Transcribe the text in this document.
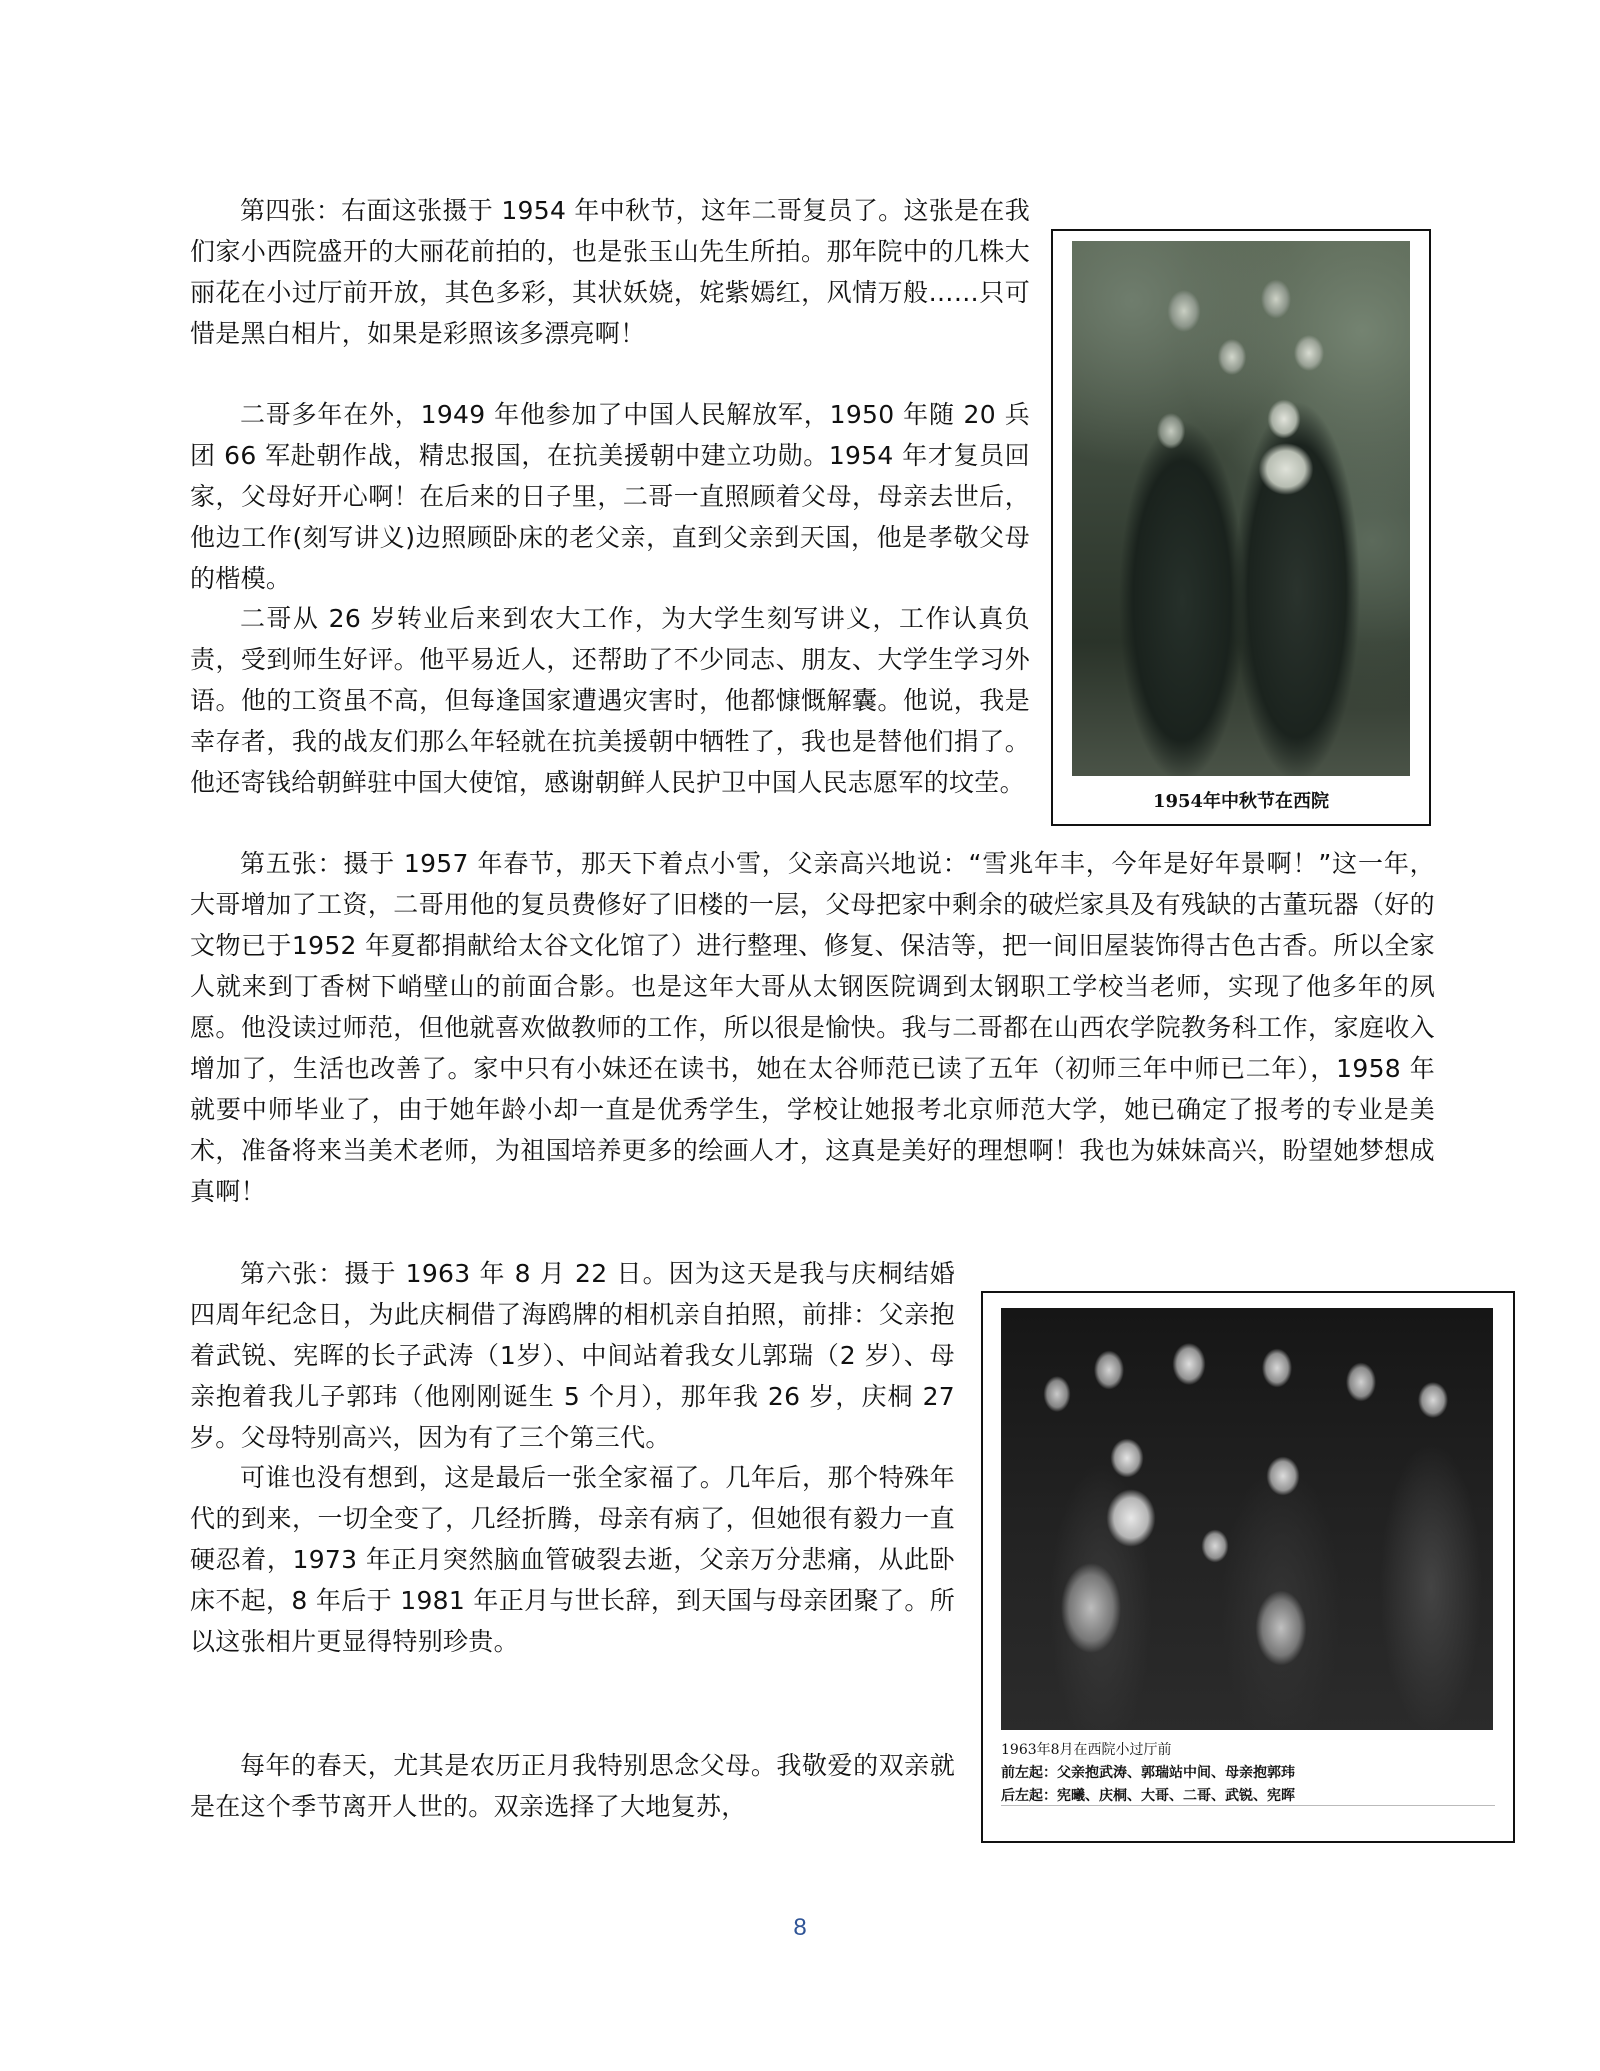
第四张：右面这张摄于 1954 年中秋节，这年二哥复员了。这张是在我们家小西院盛开的大丽花前拍的，也是张玉山先生所拍。那年院中的几株大丽花在小过厅前开放，其色多彩，其状妖娆，姹紫嫣红，风情万般……只可惜是黑白相片，如果是彩照该多漂亮啊！

二哥多年在外，1949 年他参加了中国人民解放军，1950 年随 20 兵团 66 军赴朝作战，精忠报国，在抗美援朝中建立功勋。1954 年才复员回家，父母好开心啊！在后来的日子里，二哥一直照顾着父母，母亲去世后，他边工作(刻写讲义)边照顾卧床的老父亲，直到父亲到天国，他是孝敬父母的楷模。

二哥从 26 岁转业后来到农大工作，为大学生刻写讲义，工作认真负责，受到师生好评。他平易近人，还帮助了不少同志、朋友、大学生学习外语。他的工资虽不高，但每逢国家遭遇灾害时，他都慷慨解囊。他说，我是幸存者，我的战友们那么年轻就在抗美援朝中牺牲了，我也是替他们捐了。他还寄钱给朝鲜驻中国大使馆，感谢朝鲜人民护卫中国人民志愿军的坟茔。

第五张：摄于 1957 年春节，那天下着点小雪，父亲高兴地说：“雪兆年丰，今年是好年景啊！”这一年，大哥增加了工资，二哥用他的复员费修好了旧楼的一层，父母把家中剩余的破烂家具及有残缺的古董玩器（好的文物已于1952 年夏都捐献给太谷文化馆了）进行整理、修复、保洁等，把一间旧屋装饰得古色古香。所以全家人就来到丁香树下峭壁山的前面合影。也是这年大哥从太钢医院调到太钢职工学校当老师，实现了他多年的夙愿。他没读过师范，但他就喜欢做教师的工作，所以很是愉快。我与二哥都在山西农学院教务科工作，家庭收入增加了，生活也改善了。家中只有小妹还在读书，她在太谷师范已读了五年（初师三年中师已二年），1958 年就要中师毕业了，由于她年龄小却一直是优秀学生，学校让她报考北京师范大学，她已确定了报考的专业是美术，准备将来当美术老师，为祖国培养更多的绘画人才，这真是美好的理想啊！我也为妹妹高兴，盼望她梦想成真啊！

第六张：摄于 1963 年 8 月 22 日。因为这天是我与庆桐结婚四周年纪念日，为此庆桐借了海鸥牌的相机亲自拍照，前排：父亲抱着武锐、宪晖的长子武涛（1岁）、中间站着我女儿郭瑞（2 岁）、母亲抱着我儿子郭玮（他刚刚诞生 5 个月），那年我 26 岁，庆桐 27 岁。父母特别高兴，因为有了三个第三代。

可谁也没有想到，这是最后一张全家福了。几年后，那个特殊年代的到来，一切全变了，几经折腾，母亲有病了，但她很有毅力一直硬忍着，1973 年正月突然脑血管破裂去逝，父亲万分悲痛，从此卧床不起，8 年后于 1981 年正月与世长辞，到天国与母亲团聚了。所以这张相片更显得特别珍贵。

每年的春天，尤其是农历正月我特别思念父母。我敬爱的双亲就是在这个季节离开人世的。双亲选择了大地复苏，

1954年中秋节在西院
1963年8月在西院小过厅前
前左起：父亲抱武涛、郭瑞站中间、母亲抱郭玮
后左起：宪曦、庆桐、大哥、二哥、武锐、宪晖
8
